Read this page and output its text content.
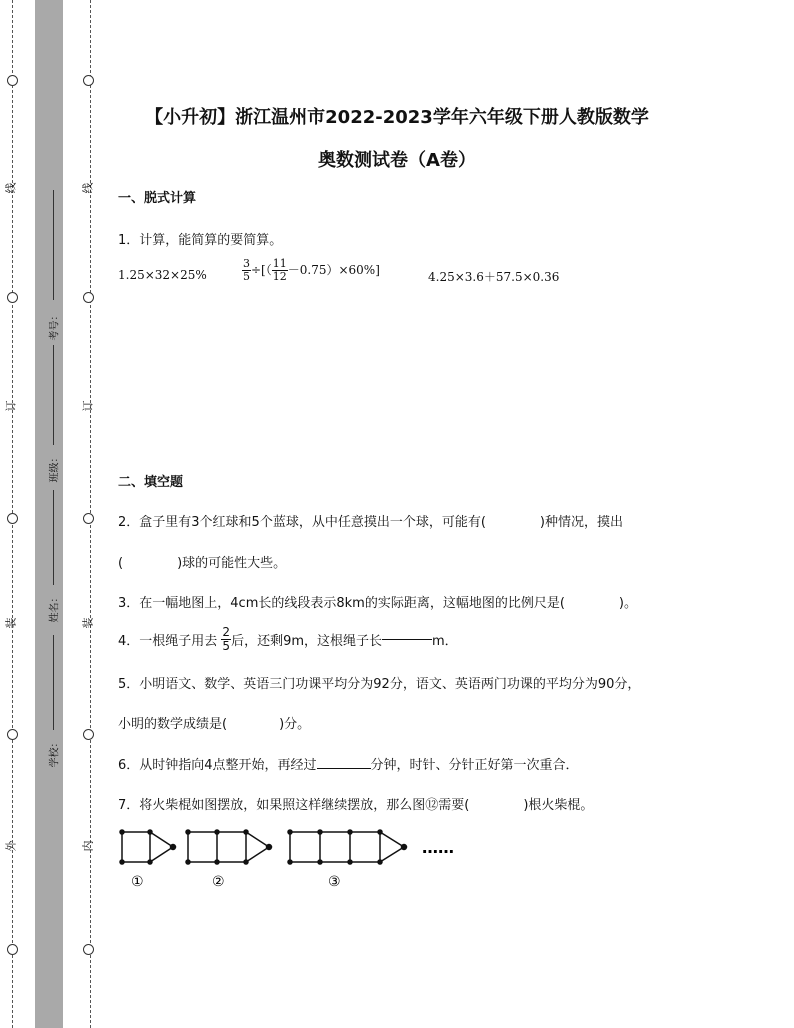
线
订
装
外
线
订
装
内
考号：
班级：
姓名：
学校：
【小升初】浙江温州市2022-2023学年六年级下册人教版数学
奥数测试卷（A卷）
一、脱式计算
1．计算，能简算的要简算。
1.25×32×25%	$\frac{3}{5}$ ÷[（ $\frac{11}{12} -0.75)\times 60\%$]	4.25×3.6＋57.5×0.36
二、填空题
2．盒子里有3个红球和5个蓝球，从中任意摸出一个球，可能有(	)种情况，摸出
(	)球的可能性大些。
3．在一幅地图上，4cm长的线段表示8km的实际距离，这幅地图的比例尺是(	)。
4．一根绳子用去 $\frac{2}{5}$ 后，还剩9m，这根绳子长	m．
5．小明语文、数学、英语三门功课平均分为92分，语文、英语两门功课的平均分为90分，
小明的数学成绩是(	)分。
6．从时钟指向4点整开始，再经过	分钟，时针、分针正好第一次重合．
7．将火柴棍如图摆放，如果照这样继续摆放，那么图⑫需要(	)根火柴棍。
①	②	③
……
